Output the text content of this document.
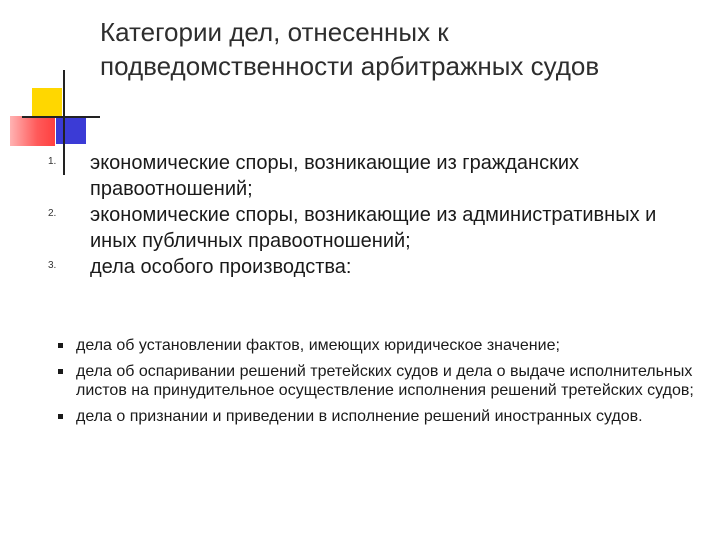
Категории дел, отнесенных к подведомственности арбитражных судов
1. экономические споры, возникающие из гражданских правоотношений;
2. экономические споры, возникающие из административных и иных публичных правоотношений;
3. дела особого производства:
дела об установлении фактов, имеющих юридическое значение;
дела об оспаривании решений третейских судов и дела о выдаче исполнительных листов на принудительное осуществление исполнения решений третейских судов;
дела о признании и приведении в исполнение решений иностранных судов.
